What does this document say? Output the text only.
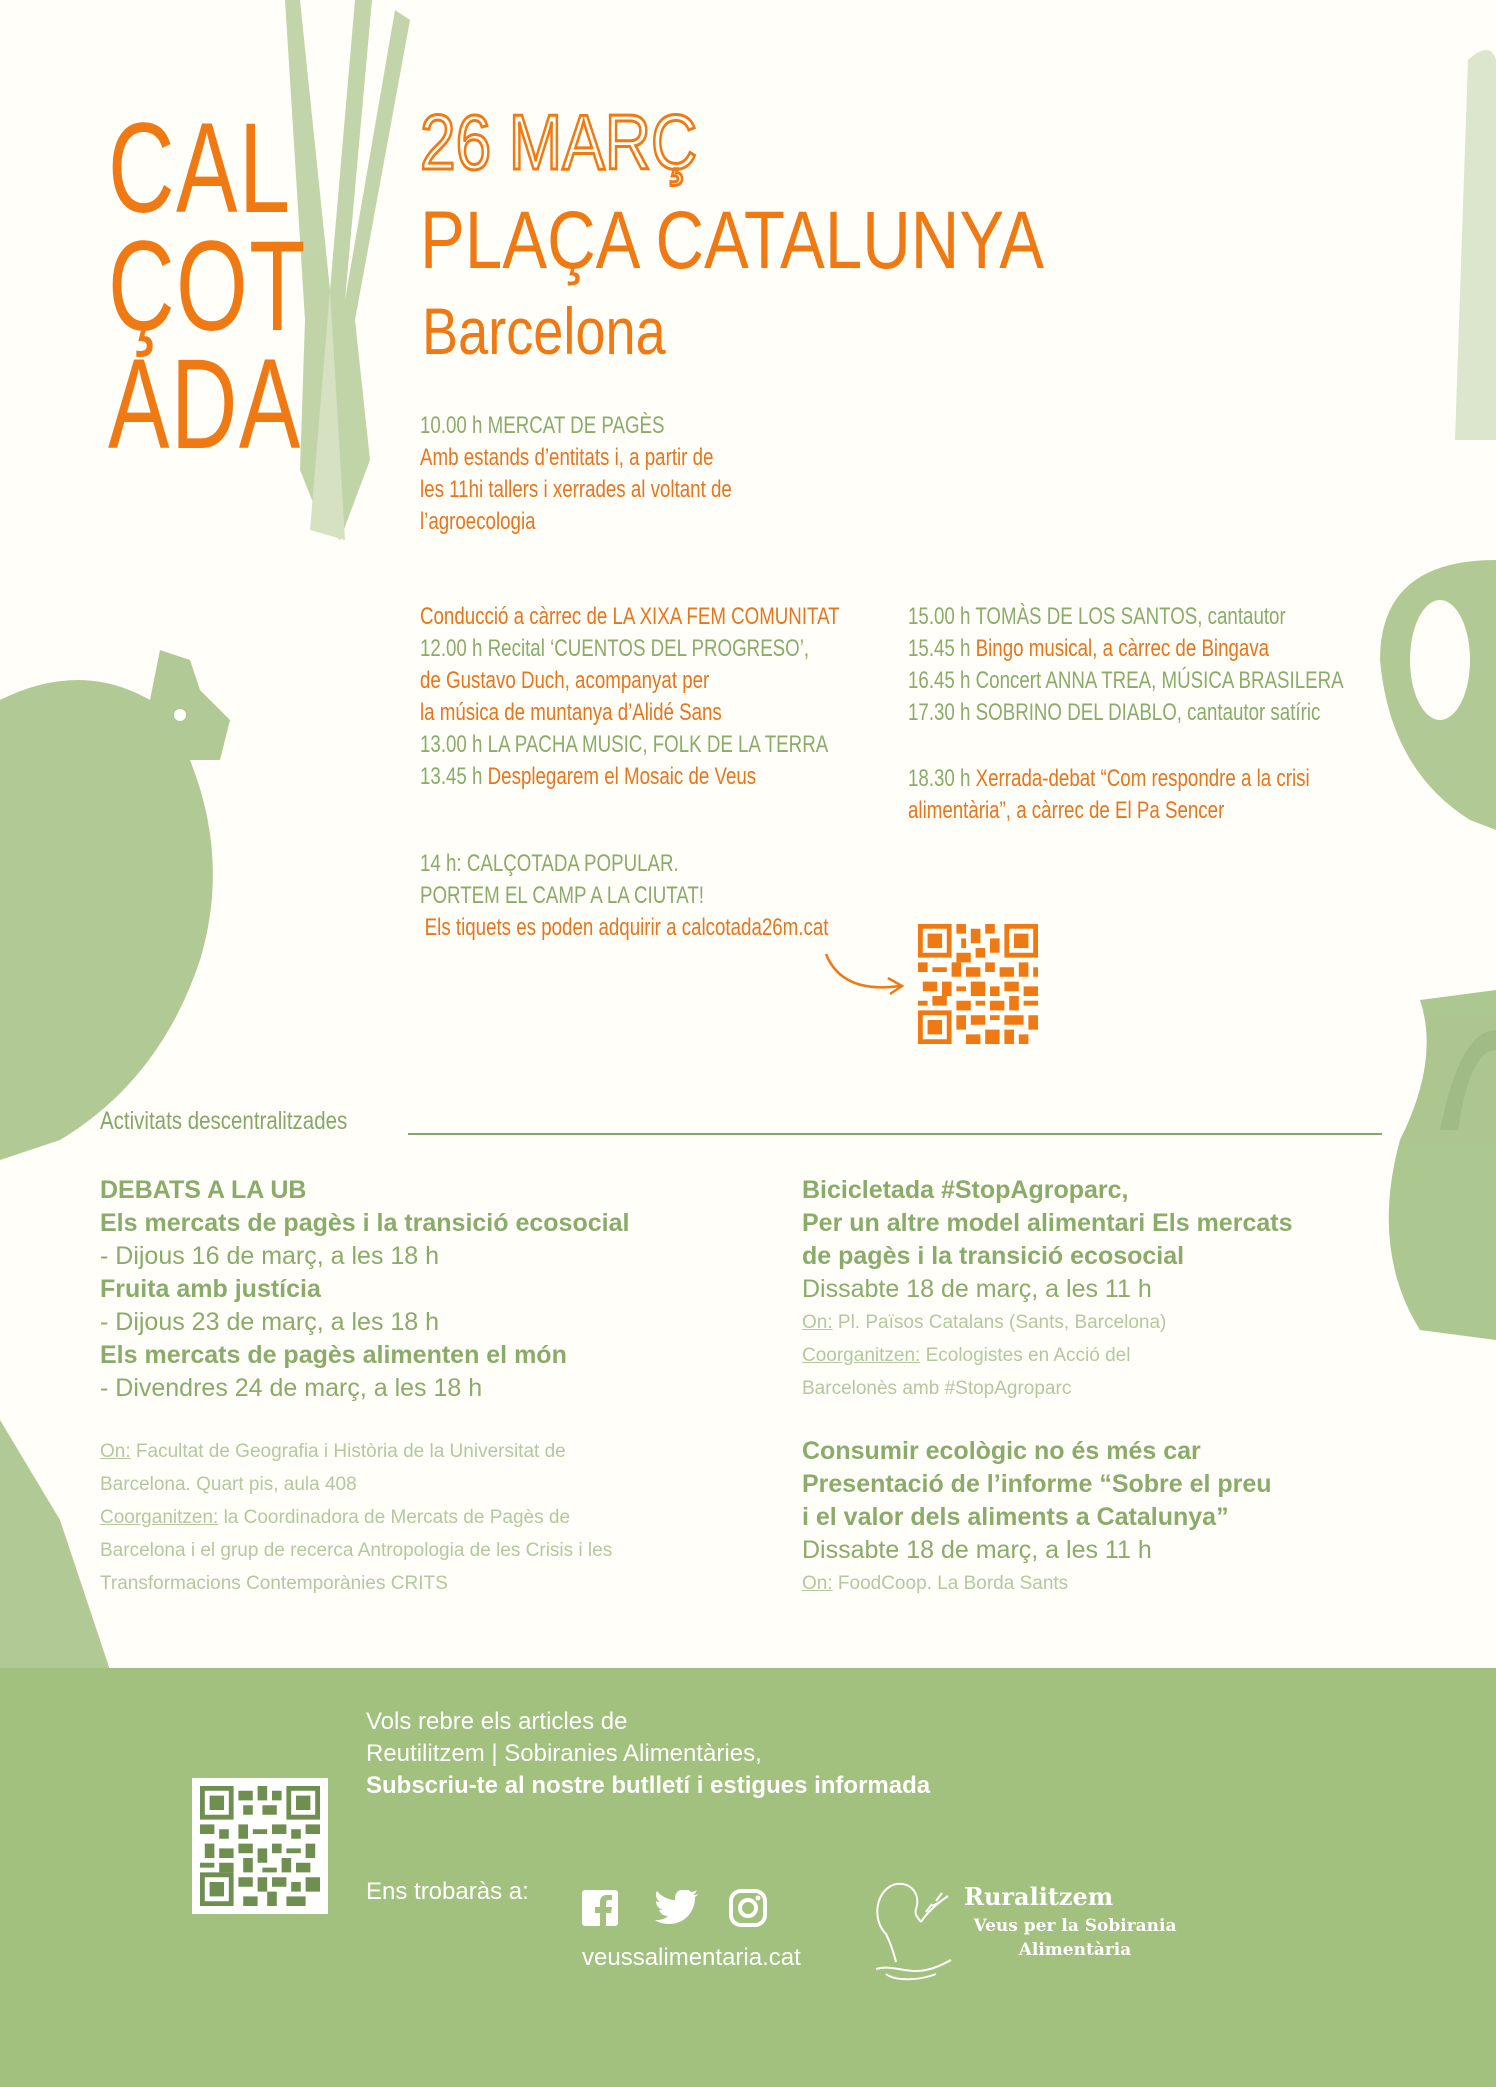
CAL
ÇOT
ADA
26 MARÇ
PLAÇA CATALUNYA
Barcelona
10.00 h MERCAT DE PAGÈS
Amb estands d’entitats i, a partir de
les 11hi tallers i xerrades al voltant de
l’agroecologia
Conducció a càrrec de LA XIXA FEM COMUNITAT
12.00 h Recital ‘CUENTOS DEL PROGRESO’,
de Gustavo Duch, acompanyat per
la música de muntanya d’Alidé Sans
13.00 h LA PACHA MUSIC, FOLK DE LA TERRA
13.45 h Desplegarem el Mosaic de Veus
15.00 h TOMÀS DE LOS SANTOS, cantautor
15.45 h Bingo musical, a càrrec de Bingava
16.45 h Concert ANNA TREA, MÚSICA BRASILERA
17.30 h SOBRINO DEL DIABLO, cantautor satíric
18.30 h Xerrada-debat “Com respondre a la crisi
alimentària”, a càrrec de El Pa Sencer
14 h: CALÇOTADA POPULAR.
PORTEM EL CAMP A LA CIUTAT!
Els tiquets es poden adquirir a calcotada26m.cat
Activitats descentralitzades
DEBATS A LA UB
Els mercats de pagès i la transició ecosocial
- Dijous 16 de març, a les 18 h
Fruita amb justícia
- Dijous 23 de març, a les 18 h
Els mercats de pagès alimenten el món
- Divendres 24 de març, a les 18 h
On: Facultat de Geografia i Història de la Universitat de
Barcelona. Quart pis, aula 408
Coorganitzen: la Coordinadora de Mercats de Pagès de
Barcelona i el grup de recerca Antropologia de les Crisis i les
Transformacions Contemporànies CRITS
Bicicletada #StopAgroparc,
Per un altre model alimentari Els mercats
de pagès i la transició ecosocial
Dissabte 18 de març, a les 11 h
On: Pl. Països Catalans (Sants, Barcelona)
Coorganitzen: Ecologistes en Acció del
Barcelonès amb #StopAgroparc
Consumir ecològic no és més car
Presentació de l’informe “Sobre el preu
i el valor dels aliments a Catalunya”
Dissabte 18 de març, a les 11 h
On: FoodCoop. La Borda Sants
Vols rebre els articles de
Reutilitzem | Sobiranies Alimentàries,
Subscriu-te al nostre butlletí i estigues informada
Ens trobaràs a:
veussalimentaria.cat
Ruralitzem
Veus per la Sobirania
Alimentària
